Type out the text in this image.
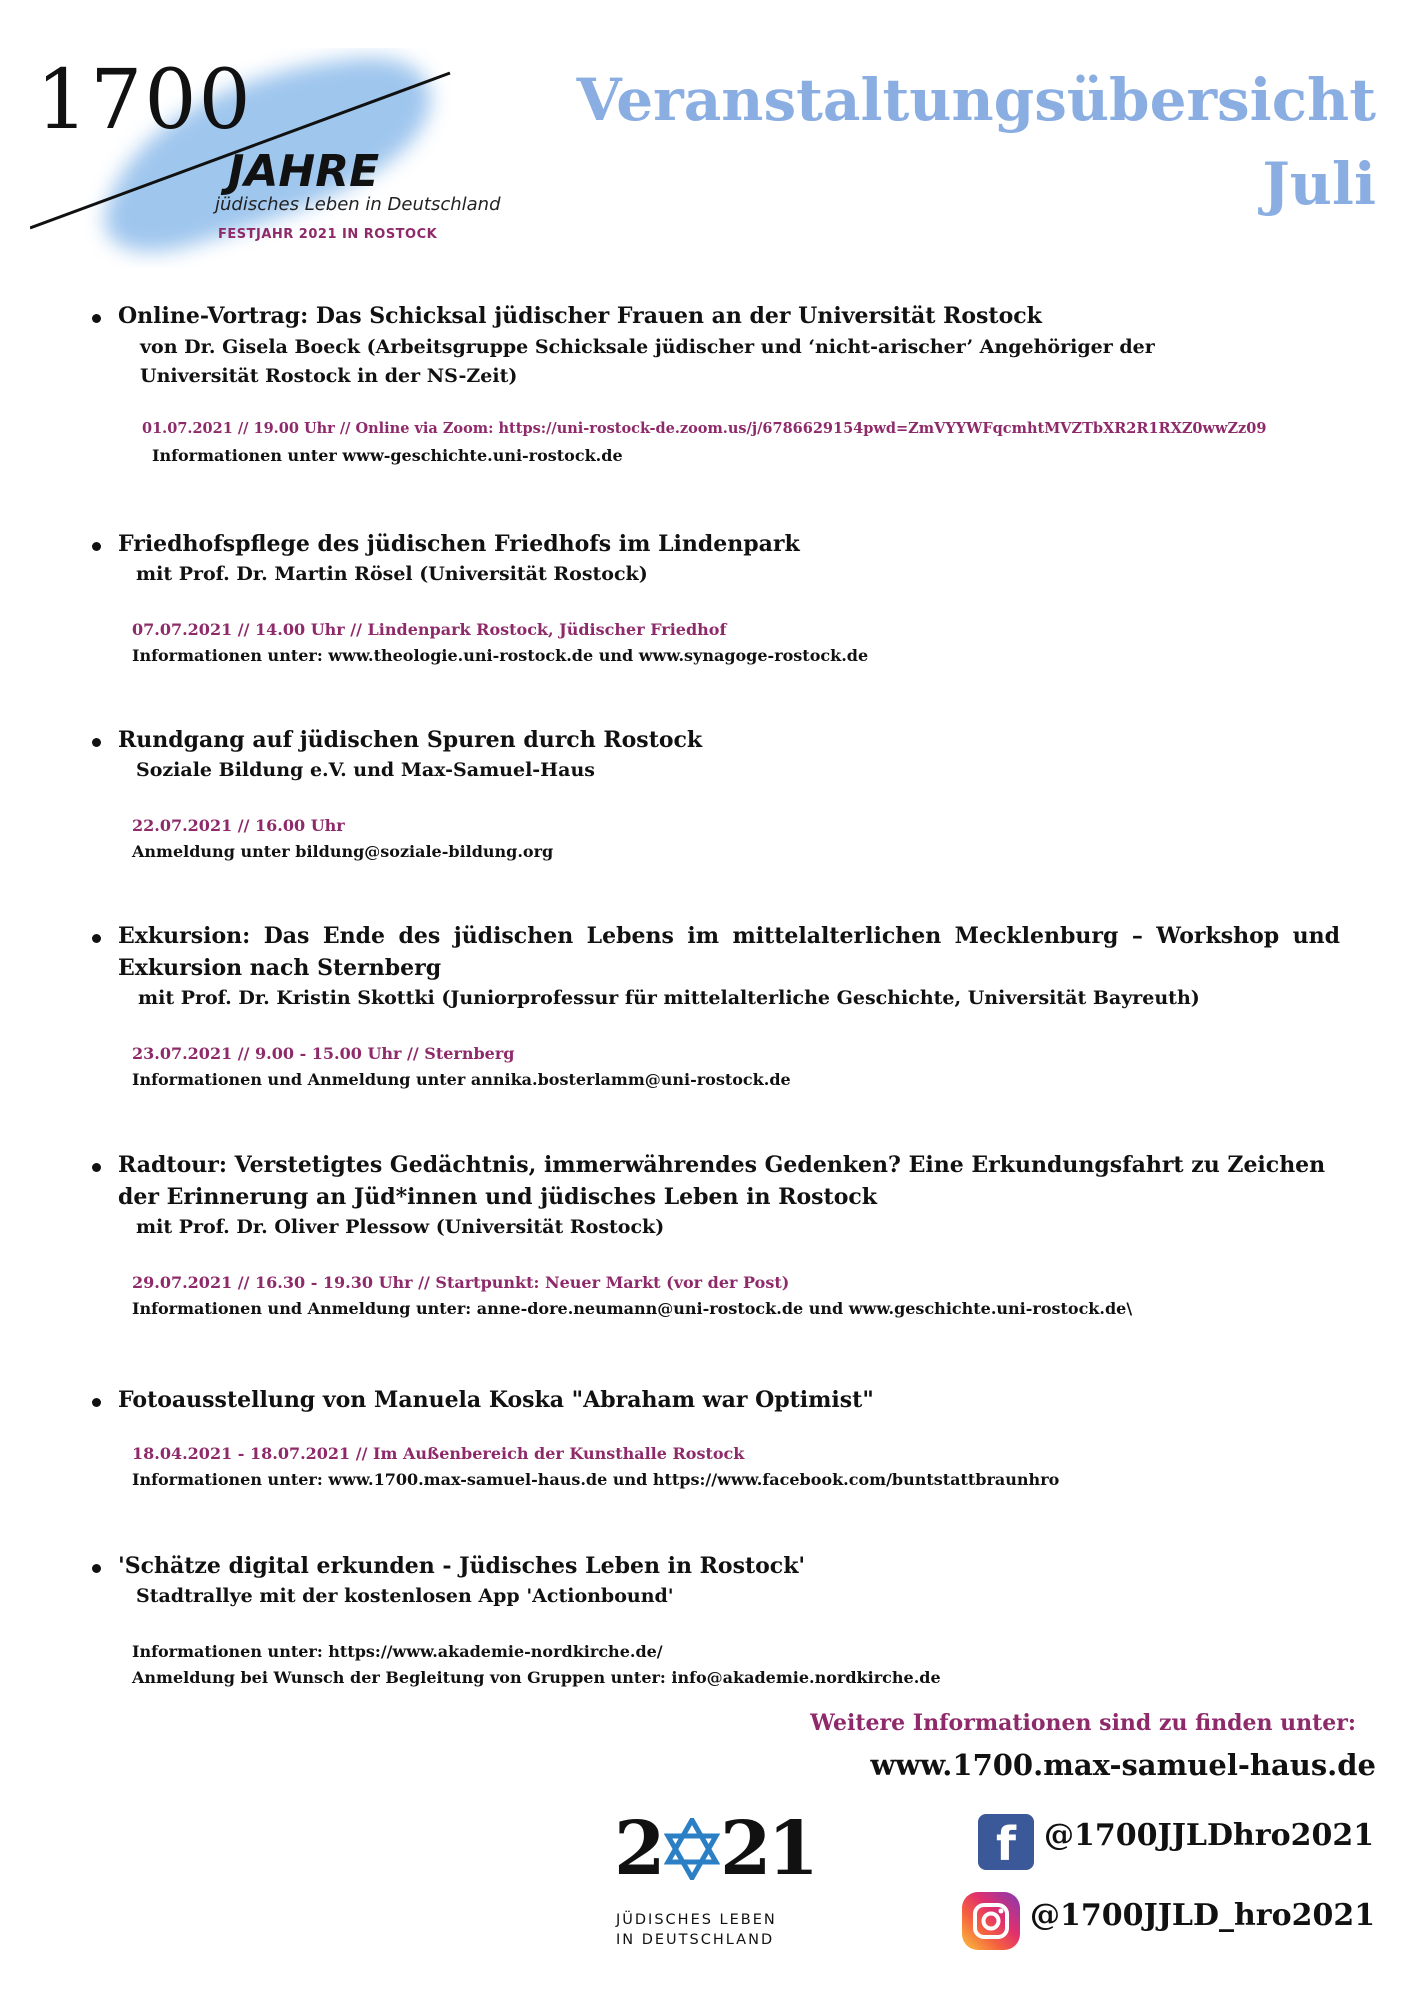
1700
JAHRE
jüdisches Leben in Deutschland
FESTJAHR 2021 IN ROSTOCK
Veranstaltungsübersicht
Juli
Online-Vortrag: Das Schicksal jüdischer Frauen an der Universität Rostock
von Dr. Gisela Boeck (Arbeitsgruppe Schicksale jüdischer und ‘nicht-arischer’ Angehöriger der Universität Rostock in der NS-Zeit)
01.07.2021 // 19.00 Uhr // Online via Zoom: https://uni-rostock-de.zoom.us/j/6786629154pwd=ZmVYYWFqcmhtMVZTbXR2R1RXZ0wwZz09
Informationen unter www-geschichte.uni-rostock.de
Friedhofspflege des jüdischen Friedhofs im Lindenpark
mit Prof. Dr. Martin Rösel (Universität Rostock)
07.07.2021 // 14.00 Uhr // Lindenpark Rostock, Jüdischer Friedhof
Informationen unter: www.theologie.uni-rostock.de und www.synagoge-rostock.de
Rundgang auf jüdischen Spuren durch Rostock
Soziale Bildung e.V. und Max-Samuel-Haus
22.07.2021 // 16.00 Uhr
Anmeldung unter bildung@soziale-bildung.org
Exkursion: Das Ende des jüdischen Lebens im mittelalterlichen Mecklenburg – Workshop und Exkursion nach Sternberg
mit Prof. Dr. Kristin Skottki (Juniorprofessur für mittelalterliche Geschichte, Universität Bayreuth)
23.07.2021 // 9.00 - 15.00 Uhr // Sternberg
Informationen und Anmeldung unter annika.bosterlamm@uni-rostock.de
Radtour: Verstetigtes Gedächtnis, immerwährendes Gedenken? Eine Erkundungsfahrt zu Zeichen der Erinnerung an Jüd*innen und jüdisches Leben in Rostock
mit Prof. Dr. Oliver Plessow (Universität Rostock)
29.07.2021 // 16.30 - 19.30 Uhr // Startpunkt: Neuer Markt (vor der Post)
Informationen und Anmeldung unter: anne-dore.neumann@uni-rostock.de und www.geschichte.uni-rostock.de\
Fotoausstellung von Manuela Koska "Abraham war Optimist"
18.04.2021 - 18.07.2021 // Im Außenbereich der Kunsthalle Rostock
Informationen unter: www.1700.max-samuel-haus.de und https://www.facebook.com/buntstattbraunhro
'Schätze digital erkunden - Jüdisches Leben in Rostock'
Stadtrallye mit der kostenlosen App 'Actionbound'
Informationen unter: https://www.akademie-nordkirche.de/
Anmeldung bei Wunsch der Begleitung von Gruppen unter: info@akademie.nordkirche.de
Weitere Informationen sind zu finden unter:
www.1700.max-samuel-haus.de
2 21
JÜDISCHES LEBEN
IN DEUTSCHLAND
f @1700JJLDhro2021
@1700JJLD_hro2021
